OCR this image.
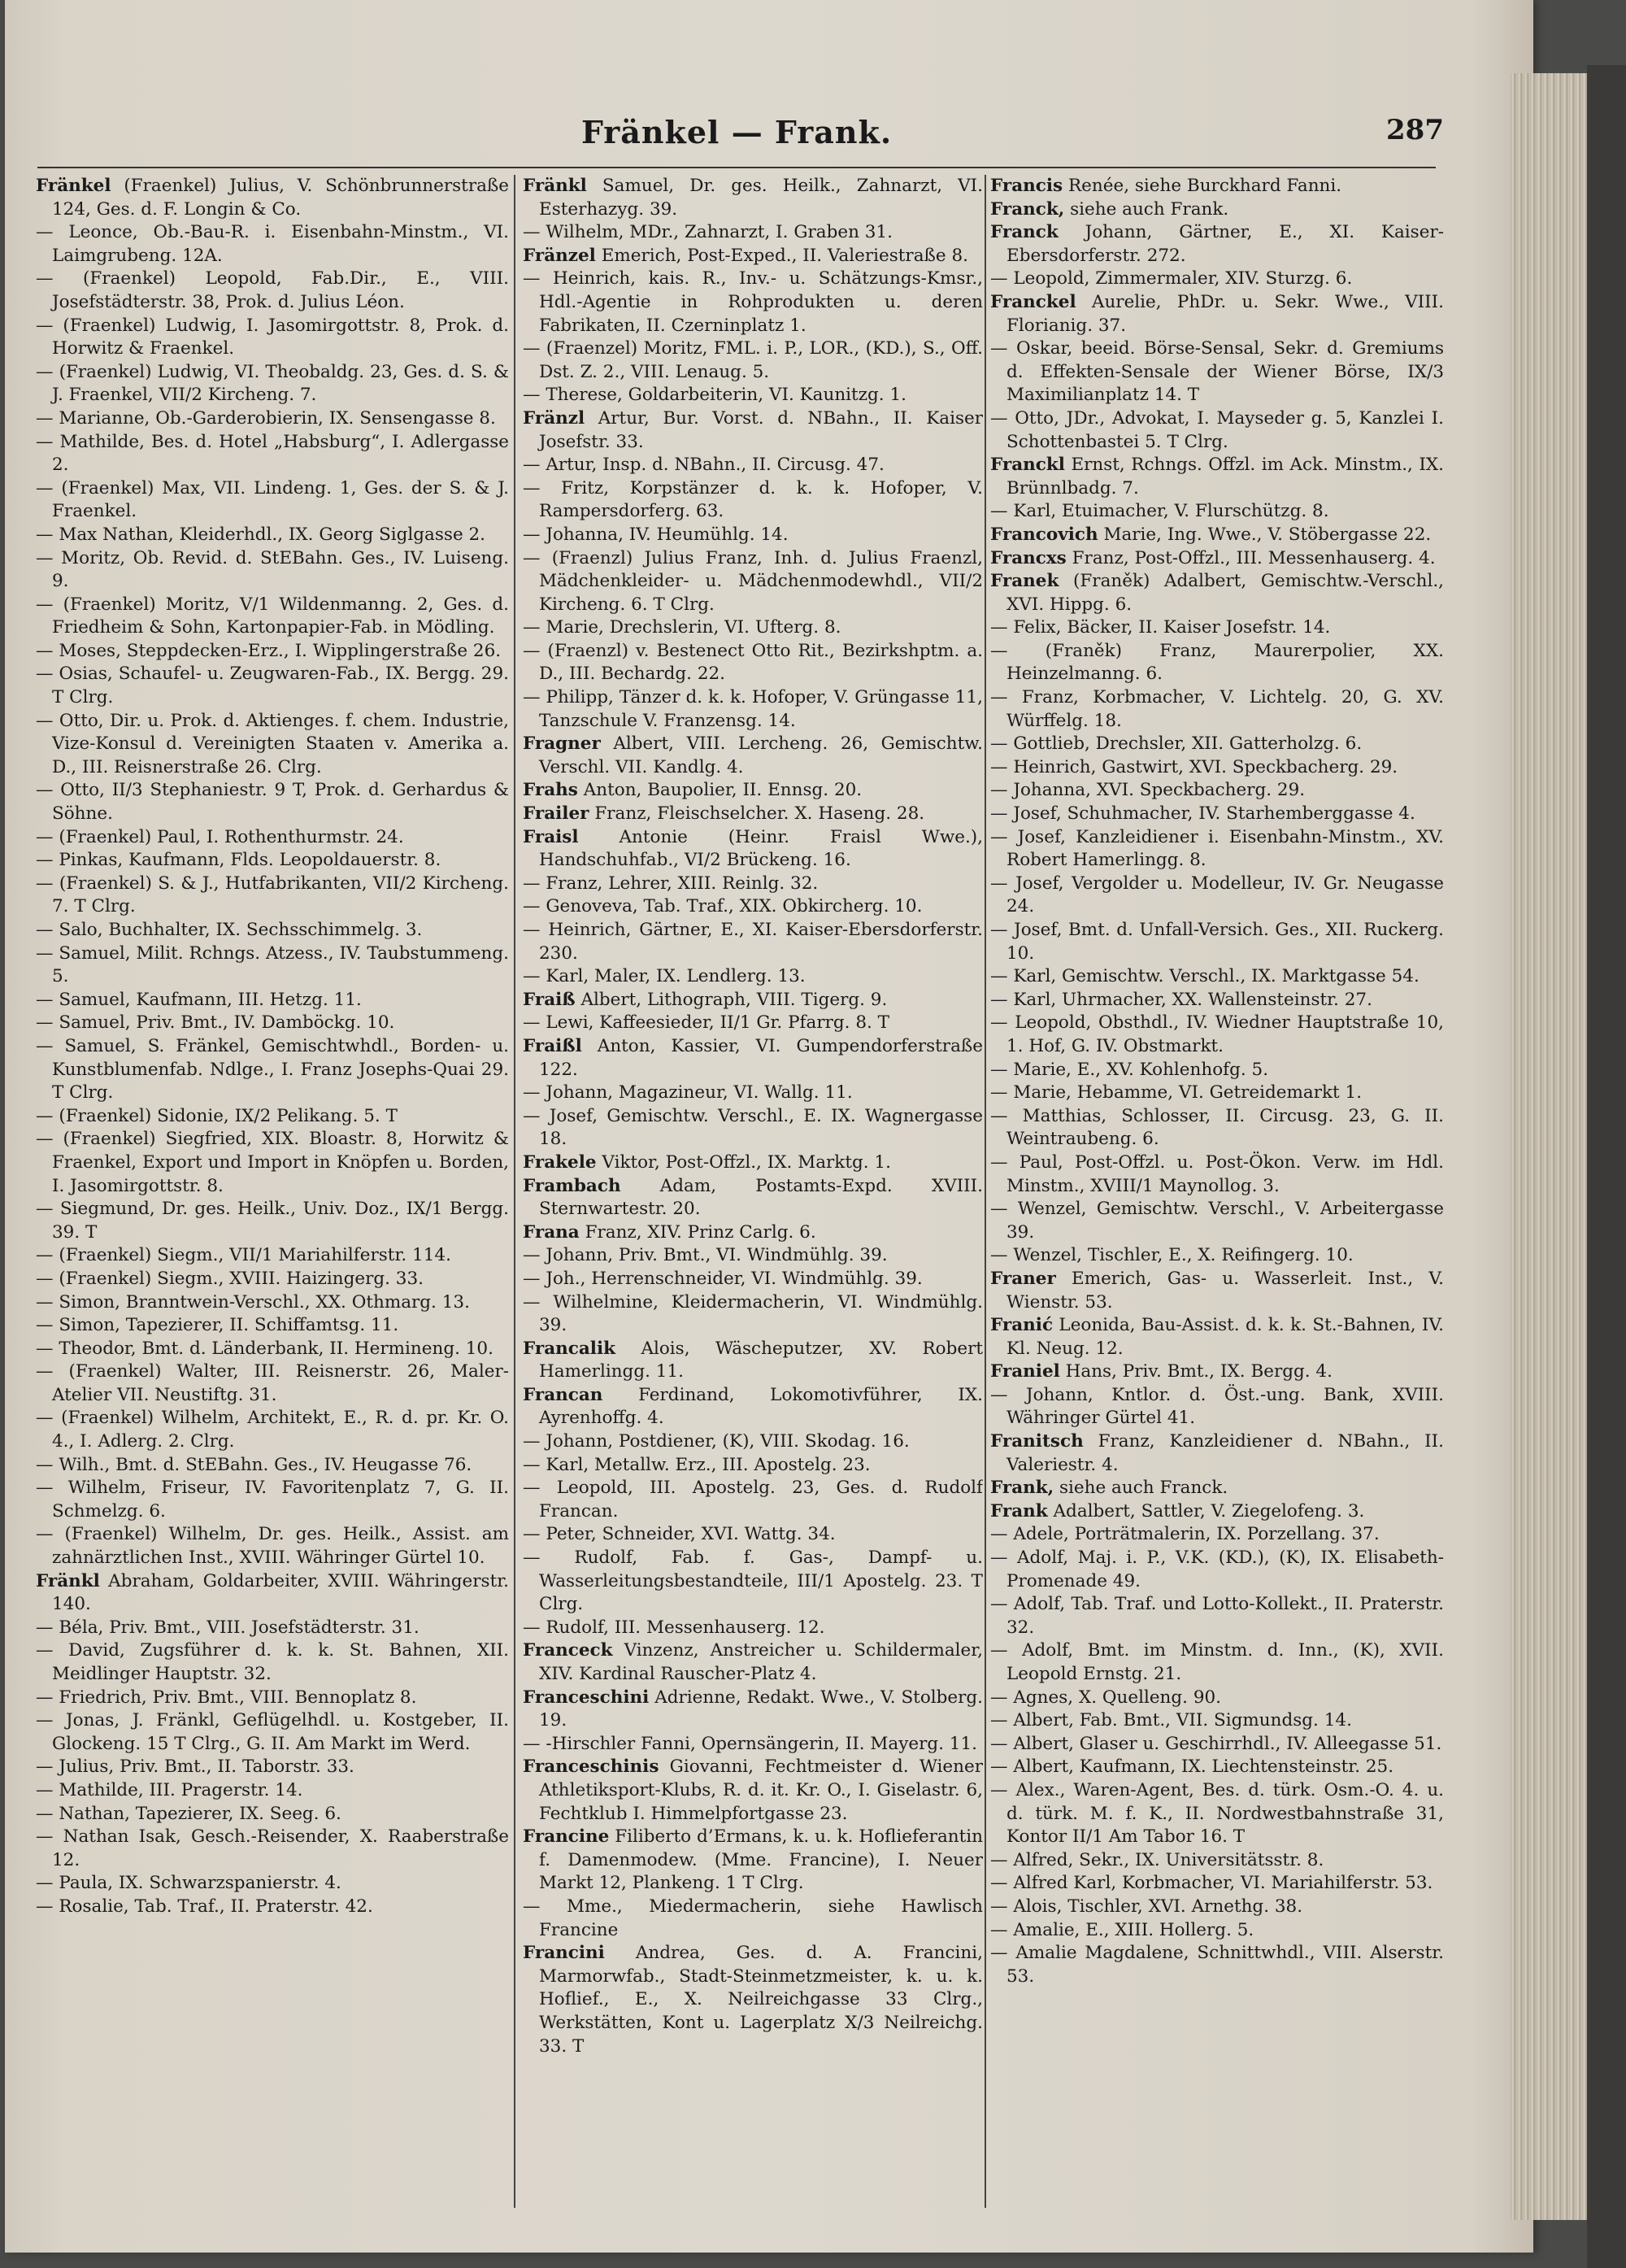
Fränkel — Frank.	287

Fränkel (Fraenkel) Julius, V. Schönbrunnerstraße 124, Ges. d. F. Longin & Co.

— Leonce, Ob.-Bau-R. i. Eisenbahn-Minstm., VI. Laimgrubeng. 12A.

— (Fraenkel) Leopold, Fab.Dir., E., VIII. Josefstädterstr. 38, Prok. d. Julius Léon.

— (Fraenkel) Ludwig, I. Jasomirgottstr. 8, Prok. d. Horwitz & Fraenkel.

— (Fraenkel) Ludwig, VI. Theobaldg. 23, Ges. d. S. & J. Fraenkel, VII/2 Kircheng. 7.

— Marianne, Ob.-Garderobierin, IX. Sensengasse 8.

— Mathilde, Bes. d. Hotel „Habsburg“, I. Adlergasse 2.

— (Fraenkel) Max, VII. Lindeng. 1, Ges. der S. & J. Fraenkel.

— Max Nathan, Kleiderhdl., IX. Georg Siglgasse 2.

— Moritz, Ob. Revid. d. StEBahn. Ges., IV. Luiseng. 9.

— (Fraenkel) Moritz, V/1 Wildenmanng. 2, Ges. d. Friedheim & Sohn, Kartonpapier-Fab. in Mödling.

— Moses, Steppdecken-Erz., I. Wipplingerstraße 26.

— Osias, Schaufel- u. Zeugwaren-Fab., IX. Bergg. 29. T Clrg.

— Otto, Dir. u. Prok. d. Aktienges. f. chem. Industrie, Vize-Konsul d. Vereinigten Staaten v. Amerika a. D., III. Reisnerstraße 26. Clrg.

— Otto, II/3 Stephaniestr. 9 T, Prok. d. Gerhardus & Söhne.

— (Fraenkel) Paul, I. Rothenthurmstr. 24.

— Pinkas, Kaufmann, Flds. Leopoldauerstr. 8.

— (Fraenkel) S. & J., Hutfabrikanten, VII/2 Kircheng. 7. T Clrg.

— Salo, Buchhalter, IX. Sechsschimmelg. 3.

— Samuel, Milit. Rchngs. Atzess., IV. Taubstummeng. 5.

— Samuel, Kaufmann, III. Hetzg. 11.

— Samuel, Priv. Bmt., IV. Damböckg. 10.

— Samuel, S. Fränkel, Gemischtwhdl., Borden- u. Kunstblumenfab. Ndlge., I. Franz Josephs-Quai 29. T Clrg.

— (Fraenkel) Sidonie, IX/2 Pelikang. 5. T

— (Fraenkel) Siegfried, XIX. Bloastr. 8, Horwitz & Fraenkel, Export und Import in Knöpfen u. Borden, I. Jasomirgottstr. 8.

— Siegmund, Dr. ges. Heilk., Univ. Doz., IX/1 Bergg. 39. T

— (Fraenkel) Siegm., VII/1 Mariahilferstr. 114.

— (Fraenkel) Siegm., XVIII. Haizingerg. 33.

— Simon, Branntwein-Verschl., XX. Othmarg. 13.

— Simon, Tapezierer, II. Schiffamtsg. 11.

— Theodor, Bmt. d. Länderbank, II. Hermineng. 10.

— (Fraenkel) Walter, III. Reisnerstr. 26, Maler-Atelier VII. Neustiftg. 31.

— (Fraenkel) Wilhelm, Architekt, E., R. d. pr. Kr. O. 4., I. Adlerg. 2. Clrg.

— Wilh., Bmt. d. StEBahn. Ges., IV. Heugasse 76.

— Wilhelm, Friseur, IV. Favoritenplatz 7, G. II. Schmelzg. 6.

— (Fraenkel) Wilhelm, Dr. ges. Heilk., Assist. am zahnärztlichen Inst., XVIII. Währinger Gürtel 10.

Fränkl Abraham, Goldarbeiter, XVIII. Währingerstr. 140.

— Béla, Priv. Bmt., VIII. Josefstädterstr. 31.

— David, Zugsführer d. k. k. St. Bahnen, XII. Meidlinger Hauptstr. 32.

— Friedrich, Priv. Bmt., VIII. Bennoplatz 8.

— Jonas, J. Fränkl, Geflügelhdl. u. Kostgeber, II. Glockeng. 15 T Clrg., G. II. Am Markt im Werd.

— Julius, Priv. Bmt., II. Taborstr. 33.

— Mathilde, III. Pragerstr. 14.

— Nathan, Tapezierer, IX. Seeg. 6.

— Nathan Isak, Gesch.-Reisender, X. Raaberstraße 12.

— Paula, IX. Schwarzspanierstr. 4.

— Rosalie, Tab. Traf., II. Praterstr. 42.

Fränkl Samuel, Dr. ges. Heilk., Zahnarzt, VI. Esterhazyg. 39.

— Wilhelm, MDr., Zahnarzt, I. Graben 31.

Fränzel Emerich, Post-Exped., II. Valeriestraße 8.

— Heinrich, kais. R., Inv.- u. Schätzungs-Kmsr., Hdl.-Agentie in Rohprodukten u. deren Fabrikaten, II. Czerninplatz 1.

— (Fraenzel) Moritz, FML. i. P., LOR., (KD.), S., Off. Dst. Z. 2., VIII. Lenaug. 5.

— Therese, Goldarbeiterin, VI. Kaunitzg. 1.

Fränzl Artur, Bur. Vorst. d. NBahn., II. Kaiser Josefstr. 33.

— Artur, Insp. d. NBahn., II. Circusg. 47.

— Fritz, Korpstänzer d. k. k. Hofoper, V. Rampersdorferg. 63.

— Johanna, IV. Heumühlg. 14.

— (Fraenzl) Julius Franz, Inh. d. Julius Fraenzl, Mädchenkleider- u. Mädchenmodewhdl., VII/2 Kircheng. 6. T Clrg.

— Marie, Drechslerin, VI. Ufterg. 8.

— (Fraenzl) v. Bestenect Otto Rit., Bezirkshptm. a. D., III. Bechardg. 22.

— Philipp, Tänzer d. k. k. Hofoper, V. Grüngasse 11, Tanzschule V. Franzensg. 14.

Fragner Albert, VIII. Lercheng. 26, Gemischtw. Verschl. VII. Kandlg. 4.

Frahs Anton, Baupolier, II. Ennsg. 20.

Frailer Franz, Fleischselcher. X. Haseng. 28.

Fraisl Antonie (Heinr. Fraisl Wwe.), Handschuhfab., VI/2 Brückeng. 16.

— Franz, Lehrer, XIII. Reinlg. 32.

— Genoveva, Tab. Traf., XIX. Obkircherg. 10.

— Heinrich, Gärtner, E., XI. Kaiser-Ebersdorferstr. 230.

— Karl, Maler, IX. Lendlerg. 13.

Fraiß Albert, Lithograph, VIII. Tigerg. 9.

— Lewi, Kaffeesieder, II/1 Gr. Pfarrg. 8. T

Fraißl Anton, Kassier, VI. Gumpendorferstraße 122.

— Johann, Magazineur, VI. Wallg. 11.

— Josef, Gemischtw. Verschl., E. IX. Wagnergasse 18.

Frakele Viktor, Post-Offzl., IX. Marktg. 1.

Frambach Adam, Postamts-Expd. XVIII. Sternwartestr. 20.

Frana Franz, XIV. Prinz Carlg. 6.

— Johann, Priv. Bmt., VI. Windmühlg. 39.

— Joh., Herrenschneider, VI. Windmühlg. 39.

— Wilhelmine, Kleidermacherin, VI. Windmühlg. 39.

Francalik Alois, Wäscheputzer, XV. Robert Hamerlingg. 11.

Francan Ferdinand, Lokomotivführer, IX. Ayrenhoffg. 4.

— Johann, Postdiener, (K), VIII. Skodag. 16.

— Karl, Metallw. Erz., III. Apostelg. 23.

— Leopold, III. Apostelg. 23, Ges. d. Rudolf Francan.

— Peter, Schneider, XVI. Wattg. 34.

— Rudolf, Fab. f. Gas-, Dampf- u. Wasserleitungsbestandteile, III/1 Apostelg. 23. T Clrg.

— Rudolf, III. Messenhauserg. 12.

Franceck Vinzenz, Anstreicher u. Schildermaler, XIV. Kardinal Rauscher-Platz 4.

Franceschini Adrienne, Redakt. Wwe., V. Stolberg. 19.

— -Hirschler Fanni, Opernsängerin, II. Mayerg. 11.

Franceschinis Giovanni, Fechtmeister d. Wiener Athletiksport-Klubs, R. d. it. Kr. O., I. Giselastr. 6, Fechtklub I. Himmelpfortgasse 23.

Francine Filiberto d’Ermans, k. u. k. Hoflieferantin f. Damenmodew. (Mme. Francine), I. Neuer Markt 12, Plankeng. 1 T Clrg.

— Mme., Miedermacherin, siehe Hawlisch Francine

Francini Andrea, Ges. d. A. Francini, Marmorwfab., Stadt-Steinmetzmeister, k. u. k. Hoflief., E., X. Neilreichgasse 33 Clrg., Werkstätten, Kont u. Lagerplatz X/3 Neilreichg. 33. T

Francis Renée, siehe Burckhard Fanni.

Franck, siehe auch Frank.

Franck Johann, Gärtner, E., XI. Kaiser-Ebersdorferstr. 272.

— Leopold, Zimmermaler, XIV. Sturzg. 6.

Franckel Aurelie, PhDr. u. Sekr. Wwe., VIII. Florianig. 37.

— Oskar, beeid. Börse-Sensal, Sekr. d. Gremiums d. Effekten-Sensale der Wiener Börse, IX/3 Maximilianplatz 14. T

— Otto, JDr., Advokat, I. Mayseder g. 5, Kanzlei I. Schottenbastei 5. T Clrg.

Franckl Ernst, Rchngs. Offzl. im Ack. Minstm., IX. Brünnlbadg. 7.

— Karl, Etuimacher, V. Flurschützg. 8.

Francovich Marie, Ing. Wwe., V. Stöbergasse 22.

Francxs Franz, Post-Offzl., III. Messenhauserg. 4.

Franek (Franěk) Adalbert, Gemischtw.-Verschl., XVI. Hippg. 6.

— Felix, Bäcker, II. Kaiser Josefstr. 14.

— (Franěk) Franz, Maurerpolier, XX. Heinzelmanng. 6.

— Franz, Korbmacher, V. Lichtelg. 20, G. XV. Würffelg. 18.

— Gottlieb, Drechsler, XII. Gatterholzg. 6.

— Heinrich, Gastwirt, XVI. Speckbacherg. 29.

— Johanna, XVI. Speckbacherg. 29.

— Josef, Schuhmacher, IV. Starhemberggasse 4.

— Josef, Kanzleidiener i. Eisenbahn-Minstm., XV. Robert Hamerlingg. 8.

— Josef, Vergolder u. Modelleur, IV. Gr. Neugasse 24.

— Josef, Bmt. d. Unfall-Versich. Ges., XII. Ruckerg. 10.

— Karl, Gemischtw. Verschl., IX. Marktgasse 54.

— Karl, Uhrmacher, XX. Wallensteinstr. 27.

— Leopold, Obsthdl., IV. Wiedner Hauptstraße 10, 1. Hof, G. IV. Obstmarkt.

— Marie, E., XV. Kohlenhofg. 5.

— Marie, Hebamme, VI. Getreidemarkt 1.

— Matthias, Schlosser, II. Circusg. 23, G. II. Weintraubeng. 6.

— Paul, Post-Offzl. u. Post-Ökon. Verw. im Hdl. Minstm., XVIII/1 Maynollog. 3.

— Wenzel, Gemischtw. Verschl., V. Arbeitergasse 39.

— Wenzel, Tischler, E., X. Reifingerg. 10.

Franer Emerich, Gas- u. Wasserleit. Inst., V. Wienstr. 53.

Franić Leonida, Bau-Assist. d. k. k. St.-Bahnen, IV. Kl. Neug. 12.

Franiel Hans, Priv. Bmt., IX. Bergg. 4.

— Johann, Kntlor. d. Öst.-ung. Bank, XVIII. Währinger Gürtel 41.

Franitsch Franz, Kanzleidiener d. NBahn., II. Valeriestr. 4.

Frank, siehe auch Franck.

Frank Adalbert, Sattler, V. Ziegelofeng. 3.

— Adele, Porträtmalerin, IX. Porzellang. 37.

— Adolf, Maj. i. P., V.K. (KD.), (K), IX. Elisabeth-Promenade 49.

— Adolf, Tab. Traf. und Lotto-Kollekt., II. Praterstr. 32.

— Adolf, Bmt. im Minstm. d. Inn., (K), XVII. Leopold Ernstg. 21.

— Agnes, X. Quelleng. 90.

— Albert, Fab. Bmt., VII. Sigmundsg. 14.

— Albert, Glaser u. Geschirrhdl., IV. Alleegasse 51.

— Albert, Kaufmann, IX. Liechtensteinstr. 25.

— Alex., Waren-Agent, Bes. d. türk. Osm.-O. 4. u. d. türk. M. f. K., II. Nordwestbahnstraße 31, Kontor II/1 Am Tabor 16. T

— Alfred, Sekr., IX. Universitätsstr. 8.

— Alfred Karl, Korbmacher, VI. Mariahilferstr. 53.

— Alois, Tischler, XVI. Arnethg. 38.

— Amalie, E., XIII. Hollerg. 5.

— Amalie Magdalene, Schnittwhdl., VIII. Alserstr. 53.
